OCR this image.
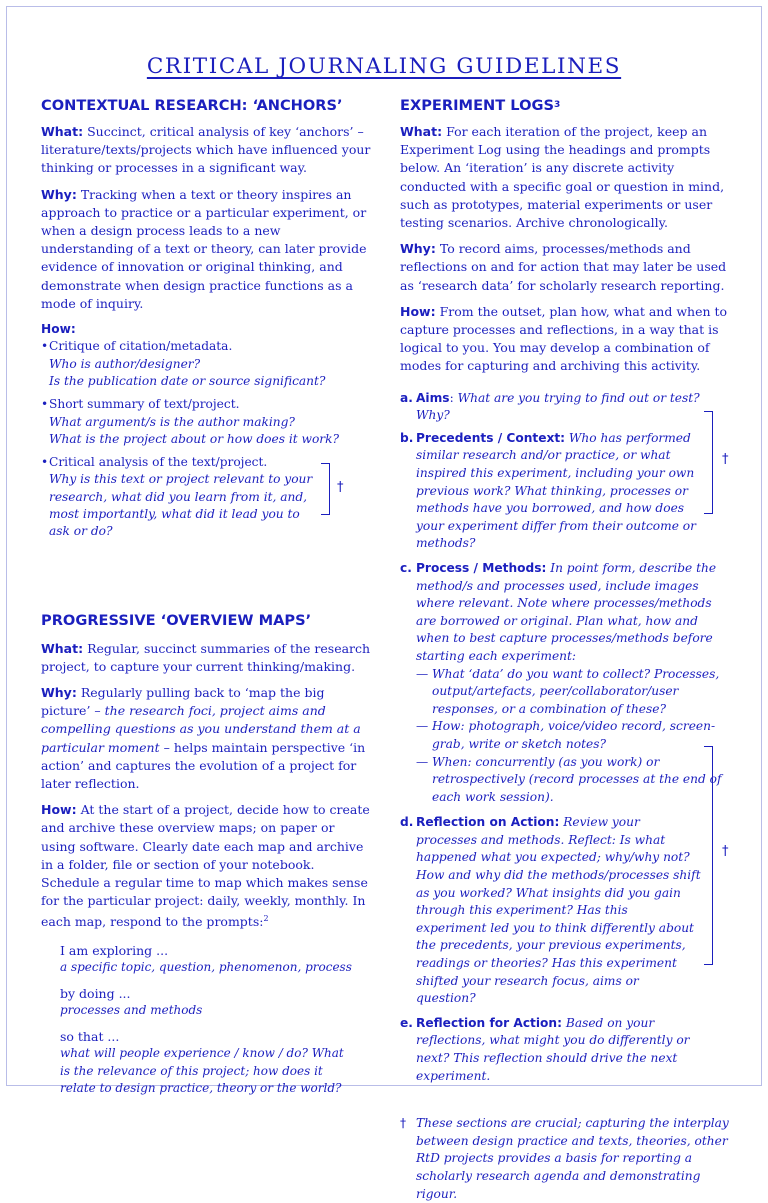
CRITICAL JOURNALING GUIDELINES
CONTEXTUAL RESEARCH: ‘ANCHORS’

What: Succinct, critical analysis of key ‘anchors’ – literature/texts/projects which have influenced your thinking or processes in a significant way.

Why: Tracking when a text or theory inspires an approach to practice or a particular experiment, or when a design process leads to a new understanding of a text or theory, can later provide evidence of innovation or original thinking, and demonstrate when design practice functions as a mode of inquiry.

How:
• Critique of citation/metadata.
Who is author/designer?
Is the publication date or source significant?
• Short summary of text/project.
What argument/s is the author making?
What is the project about or how does it work?
• Critical analysis of the text/project.
Why is this text or project relevant to your research, what did you learn from it, and, most importantly, what did it lead you to ask or do?
PROGRESSIVE ‘OVERVIEW MAPS’

What: Regular, succinct summaries of the research project, to capture your current thinking/making.

Why: Regularly pulling back to ‘map the big picture’ – the research foci, project aims and compelling questions as you understand them at a particular moment – helps maintain perspective ‘in action’ and captures the evolution of a project for later reflection.

How: At the start of a project, decide how to create and archive these overview maps; on paper or using software. Clearly date each map and archive in a folder, file or section of your notebook. Schedule a regular time to map which makes sense for the particular project: daily, weekly, monthly. In each map, respond to the prompts:$^2$

I am exploring ...
a specific topic, question, phenomenon, process
by doing ...
processes and methods
so that ...
what will people experience / know / do? What is the relevance of this project; how does it relate to design practice, theory or the world?
†
EXPERIMENT LOGS$^3$

What: For each iteration of the project, keep an Experiment Log using the headings and prompts below. An ‘iteration’ is any discrete activity conducted with a specific goal or question in mind, such as prototypes, material experiments or user testing scenarios. Archive chronologically.

Why: To record aims, processes/methods and reflections on and for action that may later be used as ‘research data’ for scholarly research reporting.

How: From the outset, plan how, what and when to capture processes and reflections, in a way that is logical to you. You may develop a combination of modes for capturing and archiving this activity.

a. Aims: What are you trying to find out or test? Why?
b. Precedents / Context: Who has performed similar research and/or practice, or what inspired this experiment, including your own previous work? What thinking, processes or methods have you borrowed, and how does your experiment differ from their outcome or methods?
c. Process / Methods: In point form, describe the method/s and processes used, include images where relevant. Note where processes/methods are borrowed or original. Plan what, how and when to best capture processes/methods before starting each experiment:
— What ‘data’ do you want to collect? Processes, output/artefacts, peer/collaborator/user responses, or a combination of these?
— How: photograph, voice/video record, screen-grab, write or sketch notes?
— When: concurrently (as you work) or retrospectively (record processes at the end of each work session).
d. Reflection on Action: Review your processes and methods. Reflect: Is what happened what you expected; why/why not? How and why did the methods/processes shift as you worked? What insights did you gain through this experiment? Has this experiment led you to think differently about the precedents, your previous experiments, readings or theories? Has this experiment shifted your research focus, aims or question?
e. Reflection for Action: Based on your reflections, what might you do differently or next? This reflection should drive the next experiment.
† These sections are crucial; capturing the interplay between design practice and texts, theories, other RtD projects provides a basis for reporting a scholarly research agenda and demonstrating rigour.
†
†
